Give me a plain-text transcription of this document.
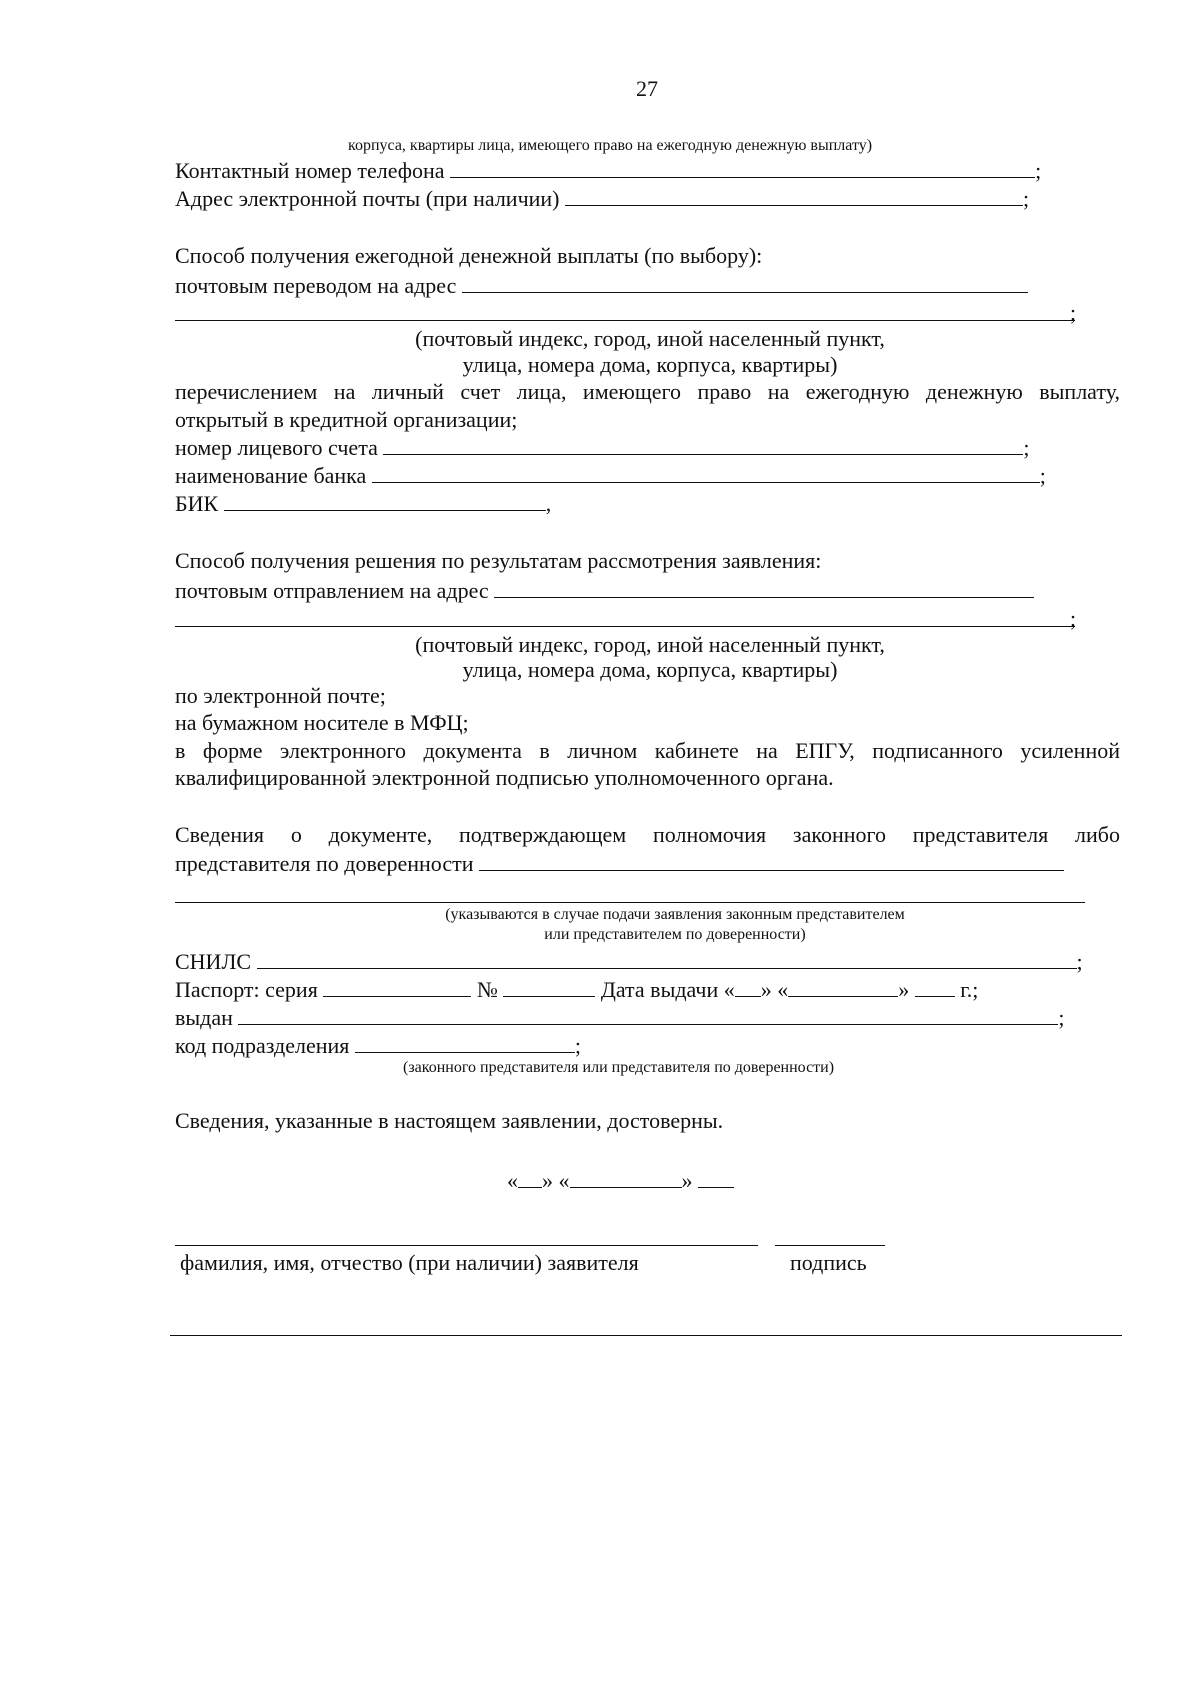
27
корпуса, квартиры лица, имеющего право на ежегодную денежную выплату)
Контактный номер телефона	;
Адрес электронной почты (при наличии)	;
Способ получения ежегодной денежной выплаты (по выбору):
почтовым переводом на адрес
;
(почтовый индекс, город, иной населенный пункт,
улица, номера дома, корпуса, квартиры)
перечислением на личный счет лица, имеющего право на ежегодную денежную выплату,
открытый в кредитной организации;
номер лицевого счета	;
наименование банка	;
БИК	,
Способ получения решения по результатам рассмотрения заявления:
почтовым отправлением на адрес
;
(почтовый индекс, город, иной населенный пункт,
улица, номера дома, корпуса, квартиры)
по электронной почте;
на бумажном носителе в МФЦ;
в форме электронного документа в личном кабинете на ЕПГУ, подписанного усиленной
квалифицированной электронной подписью уполномоченного органа.
Сведения о документе, подтверждающем полномочия законного представителя либо
представителя по доверенности
(указываются в случае подачи заявления законным представителем
или представителем по доверенности)
СНИЛС	;
Паспорт: серия	№	Дата выдачи « » «	» г.;
выдан	;
код подразделения	;
(законного представителя или представителя по доверенности)
Сведения, указанные в настоящем заявлении, достоверны.
« » «	»
фамилия, имя, отчество (при наличии) заявителя	подпись
